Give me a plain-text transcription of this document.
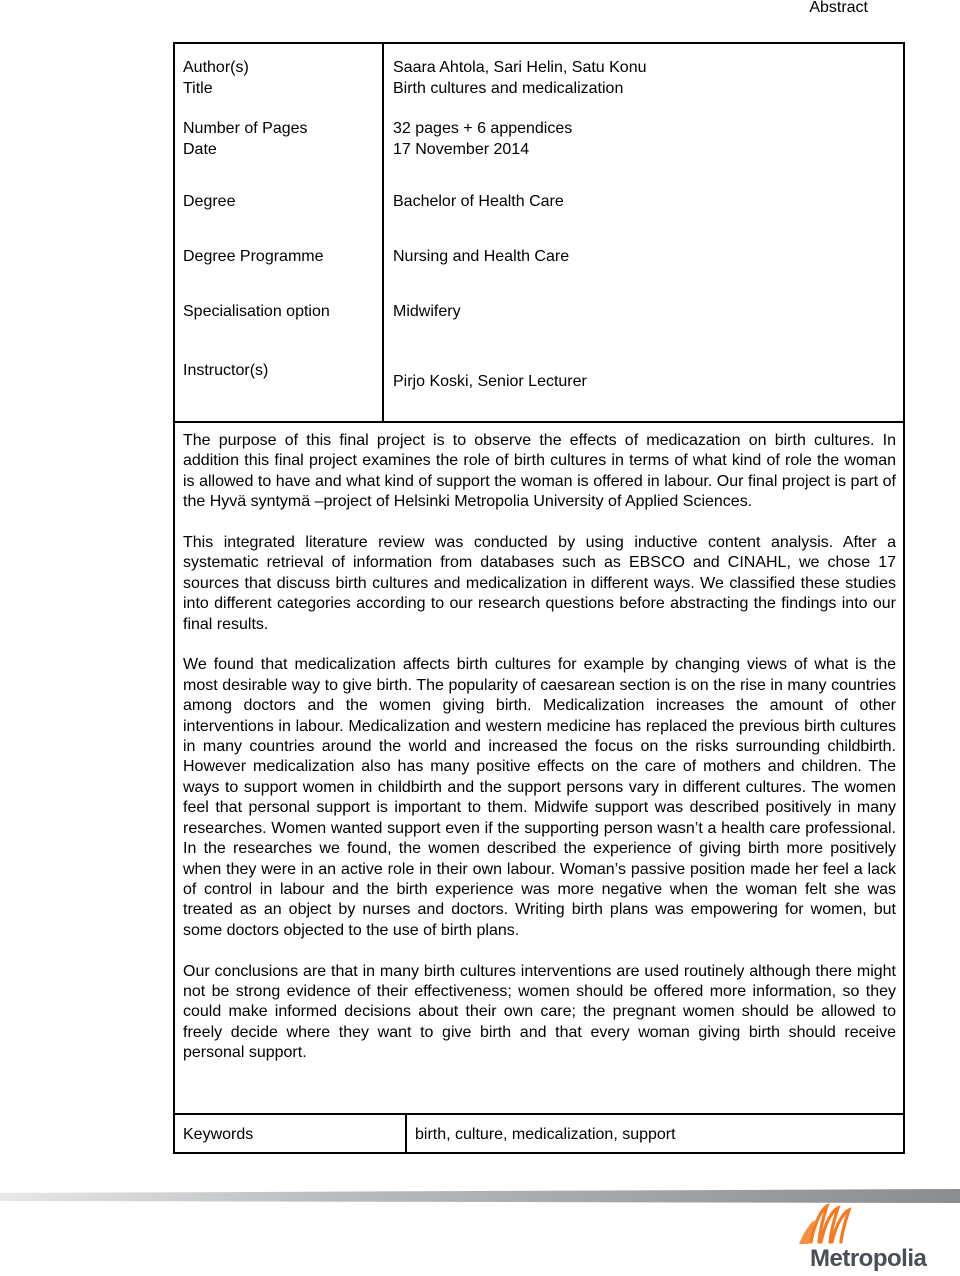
Abstract
Author(s)
Title
Number of Pages
Date
Degree
Degree Programme
Specialisation option
Instructor(s)
Saara Ahtola, Sari Helin, Satu Konu
Birth cultures and medicalization
32 pages + 6 appendices
17 November 2014
Bachelor of Health Care
Nursing and Health Care
Midwifery
Pirjo Koski, Senior Lecturer

The purpose of this final project is to observe the effects of medicazation on birth cultures. In addition this final project examines the role of birth cultures in terms of what kind of role the woman is allowed to have and what kind of support the woman is offered in labour. Our final project is part of the Hyvä syntymä –project of Helsinki Metropolia University of Applied Sciences.

This integrated literature review was conducted by using inductive content analysis. After a systematic retrieval of information from databases such as EBSCO and CINAHL, we chose 17 sources that discuss birth cultures and medicalization in different ways. We classified these studies into different categories according to our research questions before abstracting the findings into our final results.

We found that medicalization affects birth cultures for example by changing views of what is the most desirable way to give birth. The popularity of caesarean section is on the rise in many countries among doctors and the women giving birth. Medicalization increases the amount of other interventions in labour. Medicalization and western medicine has replaced the previous birth cultures in many countries around the world and increased the focus on the risks surrounding childbirth. However medicalization also has many positive effects on the care of mothers and children. The ways to support women in childbirth and the support persons vary in different cultures. The women feel that personal support is important to them. Midwife support was described positively in many researches. Women wanted support even if the supporting person wasn’t a health care professional. In the researches we found, the women described the experience of giving birth more positively when they were in an active role in their own labour. Woman’s passive position made her feel a lack of control in labour and the birth experience was more negative when the woman felt she was treated as an object by nurses and doctors. Writing birth plans was empowering for women, but some doctors objected to the use of birth plans.

Our conclusions are that in many birth cultures interventions are used routinely although there might not be strong evidence of their effectiveness; women should be offered more information, so they could make informed decisions about their own care; the pregnant women should be allowed to freely decide where they want to give birth and that every woman giving birth should receive personal support.

Keywords	birth, culture, medicalization, support
Metropolia
